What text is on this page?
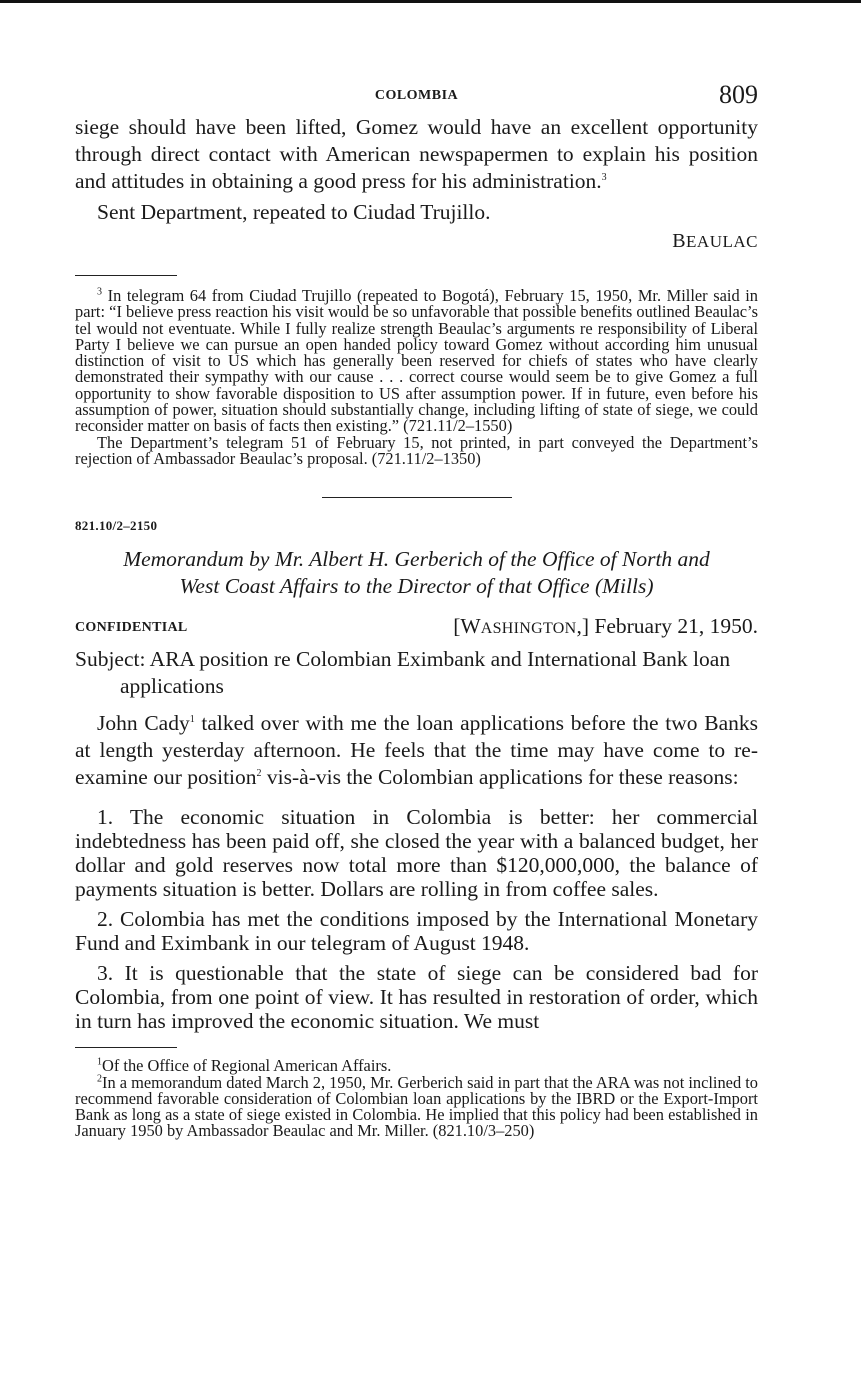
COLOMBIA	809

siege should have been lifted, Gomez would have an excellent opportunity through direct contact with American newspapermen to explain his position and attitudes in obtaining a good press for his administration.$^3$

Sent Department, repeated to Ciudad Trujillo.

BEAULAC

$^3$ In telegram 64 from Ciudad Trujillo (repeated to Bogotá), February 15, 1950, Mr. Miller said in part: “I believe press reaction his visit would be so unfavorable that possible benefits outlined Beaulac’s tel would not eventuate. While I fully realize strength Beaulac’s arguments re responsibility of Liberal Party I believe we can pursue an open handed policy toward Gomez without according him unusual distinction of visit to US which has generally been reserved for chiefs of states who have clearly demonstrated their sympathy with our cause . . . correct course would seem be to give Gomez a full opportunity to show favorable disposition to US after assumption power. If in future, even before his assumption of power, situation should substantially change, including lifting of state of siege, we could reconsider matter on basis of facts then existing.” (721.11/2–1550)

The Department’s telegram 51 of February 15, not printed, in part conveyed the Department’s rejection of Ambassador Beaulac’s proposal. (721.11/2–1350)

821.10/2–2150

Memorandum by Mr. Albert H. Gerberich of the Office of North and
West Coast Affairs to the Director of that Office (Mills)
CONFIDENTIAL	[WASHINGTON,] February 21, 1950.

Subject: ARA position re Colombian Eximbank and International Bank loan applications

John Cady$^1$ talked over with me the loan applications before the two Banks at length yesterday afternoon. He feels that the time may have come to re-examine our position$^2$ vis-à-vis the Colombian applications for these reasons:

1. The economic situation in Colombia is better: her commercial indebtedness has been paid off, she closed the year with a balanced budget, her dollar and gold reserves now total more than $120,000,000, the balance of payments situation is better. Dollars are rolling in from coffee sales.

2. Colombia has met the conditions imposed by the International Monetary Fund and Eximbank in our telegram of August 1948.

3. It is questionable that the state of siege can be considered bad for Colombia, from one point of view. It has resulted in restoration of order, which in turn has improved the economic situation. We must

$^1$Of the Office of Regional American Affairs.

$^2$In a memorandum dated March 2, 1950, Mr. Gerberich said in part that the ARA was not inclined to recommend favorable consideration of Colombian loan applications by the IBRD or the Export-Import Bank as long as a state of siege existed in Colombia. He implied that this policy had been established in January 1950 by Ambassador Beaulac and Mr. Miller. (821.10/3–250)
